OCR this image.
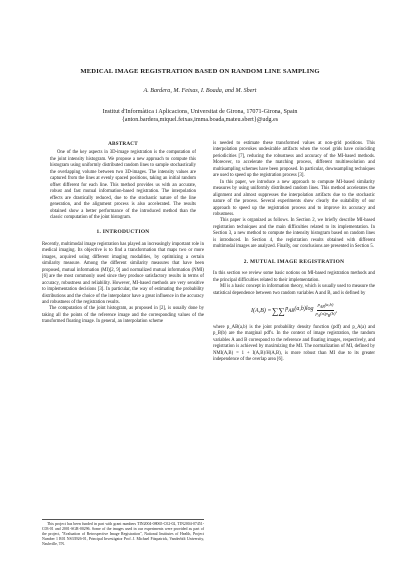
MEDICAL IMAGE REGISTRATION BASED ON RANDOM LINE SAMPLING
A. Bardera, M. Feixas, I. Boada, and M. Sbert
Institut d'Informàtica i Aplicacions, Universitat de Girona, 17071-Girona, Spain
{anton.bardera,miquel.feixas,imma.boada,mateu.sbert}@udg.es
ABSTRACT

One of the key aspects in 3D-image registration is the computation of the joint intensity histogram. We propose a new approach to compute this histogram using uniformly distributed random lines to sample stochastically the overlapping volume between two 3D-images. The intensity values are captured from the lines at evenly spaced positions, taking an initial random offset different for each line. This method provides us with an accurate, robust and fast mutual information-based registration. The interpolation effects are drastically reduced, due to the stochastic nature of the line generation, and the alignment process is also accelerated. The results obtained show a better performance of the introduced method than the classic computation of the joint histogram.

1. INTRODUCTION

Recently, multimodal image registration has played an increasingly important role in medical imaging. Its objective is to find a transformation that maps two or more images, acquired using different imaging modalities, by optimizing a certain similarity measure. Among the different similarity measures that have been proposed, mutual information (MI)[2, 9] and normalized mutual information (NMI)[6] are the most commonly used since they produce satisfactory results in terms of accuracy, robustness and reliability. However, MI-based methods are very sensitive to implementation decisions [3]. In particular, the way of estimating the probability distributions and the choice of the interpolator have a great influence in the accuracy and robustness of the registration results.

The computation of the joint histogram, as proposed in [2], is usually done by taking all the points of the reference image and the corresponding values of the transformed floating image. In general, an interpolation scheme

is needed to estimate these transformed values at non-grid positions. This interpolation provokes undesirable artifacts when the voxel grids have coinciding periodicities [7], reducing the robustness and accuracy of the MI-based methods. Moreover, to accelerate the matching process, different multiresolution and multisampling schemes have been proposed. In particular, downsampling techniques are used to speed up the registration process [3].

In this paper, we introduce a new approach to compute MI-based similarity measures by using uniformly distributed random lines. This method accelerates the alignment and almost suppresses the interpolation artifacts due to the stochastic nature of the process. Several experiments show clearly the suitability of our approach to speed up the registration process and to improve its accuracy and robustness.

This paper is organized as follows. In Section 2, we briefly describe MI-based registration techniques and the main difficulties related to its implementation. In Section 3, a new method to compute the intensity histogram based on random lines is introduced. In Section 4, the registration results obtained with different multimodal images are analyzed. Finally, our conclusions are presented in Section 5.

2. MUTUAL IMAGE REGISTRATION

In this section we review some basic notions on MI-based registration methods and the principal difficulties related to their implementation.

MI is a basic concept in information theory, which is usually used to measure the statistical dependence between two random variables A and B, and is defined by

I(A,B) = ∑∑ $p_{AB}(a,b)\log \frac{p_{AB}(a,b)}{p_A(a)p_B(b)}$ ,

where p_AB(a,b) is the joint probability density function (pdf) and p_A(a) and p_B(b) are the marginal pdf's. In the context of image registration, the random variables A and B correspond to the reference and floating images, respectively, and registration is achieved by maximizing the MI. The normalization of MI, defined by NMI(A,B) = 1 + I(A,B)/H(A,B), is more robust than MI due to its greater independence of the overlap area [6].

This project has been funded in part with grant numbers TIN2004-08065-C02-02, TIN2004-07451-C03-01 and 2001-SGR-00296. Some of the images used in our experiments were provided as part of the project, "Evaluation of Retrospective Image Registration", National Institutes of Health, Project Number 1 R01 NS33926-01, Principal Investigator Prof. J. Michael Fitzpatrick, Vanderbilt University, Nashville, TN.
